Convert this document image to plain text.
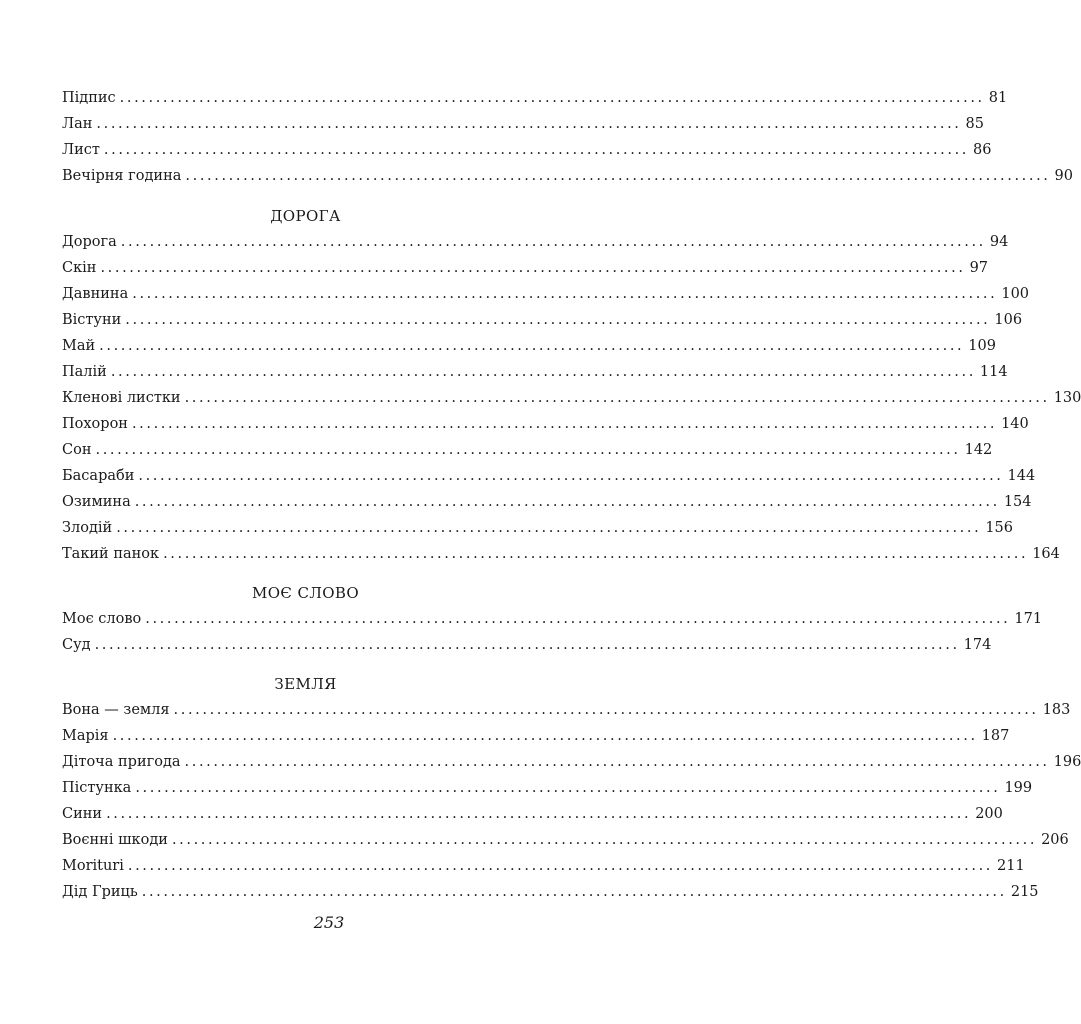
Підпис ........................................................................................................................ 81
Лан ........................................................................................................................ 85
Лист ........................................................................................................................ 86
Вечірня година ........................................................................................................................ 90
ДОРОГА
Дорога ........................................................................................................................ 94
Скін ........................................................................................................................ 97
Давнина ........................................................................................................................ 100
Вістуни ........................................................................................................................ 106
Май ........................................................................................................................ 109
Палій ........................................................................................................................ 114
Кленові листки ........................................................................................................................ 130
Похорон ........................................................................................................................ 140
Сон ........................................................................................................................ 142
Басараби ........................................................................................................................ 144
Озимина ........................................................................................................................ 154
Злодій ........................................................................................................................ 156
Такий панок ........................................................................................................................ 164
МОЄ СЛОВО
Моє слово ........................................................................................................................ 171
Суд ........................................................................................................................ 174
ЗЕМЛЯ
Вона — земля ........................................................................................................................ 183
Марія ........................................................................................................................ 187
Діточа пригода ........................................................................................................................ 196
Пістунка ........................................................................................................................ 199
Сини ........................................................................................................................ 200
Воєнні шкоди ........................................................................................................................ 206
Moriturі ........................................................................................................................ 211
Дід Гриць ........................................................................................................................ 215
253
